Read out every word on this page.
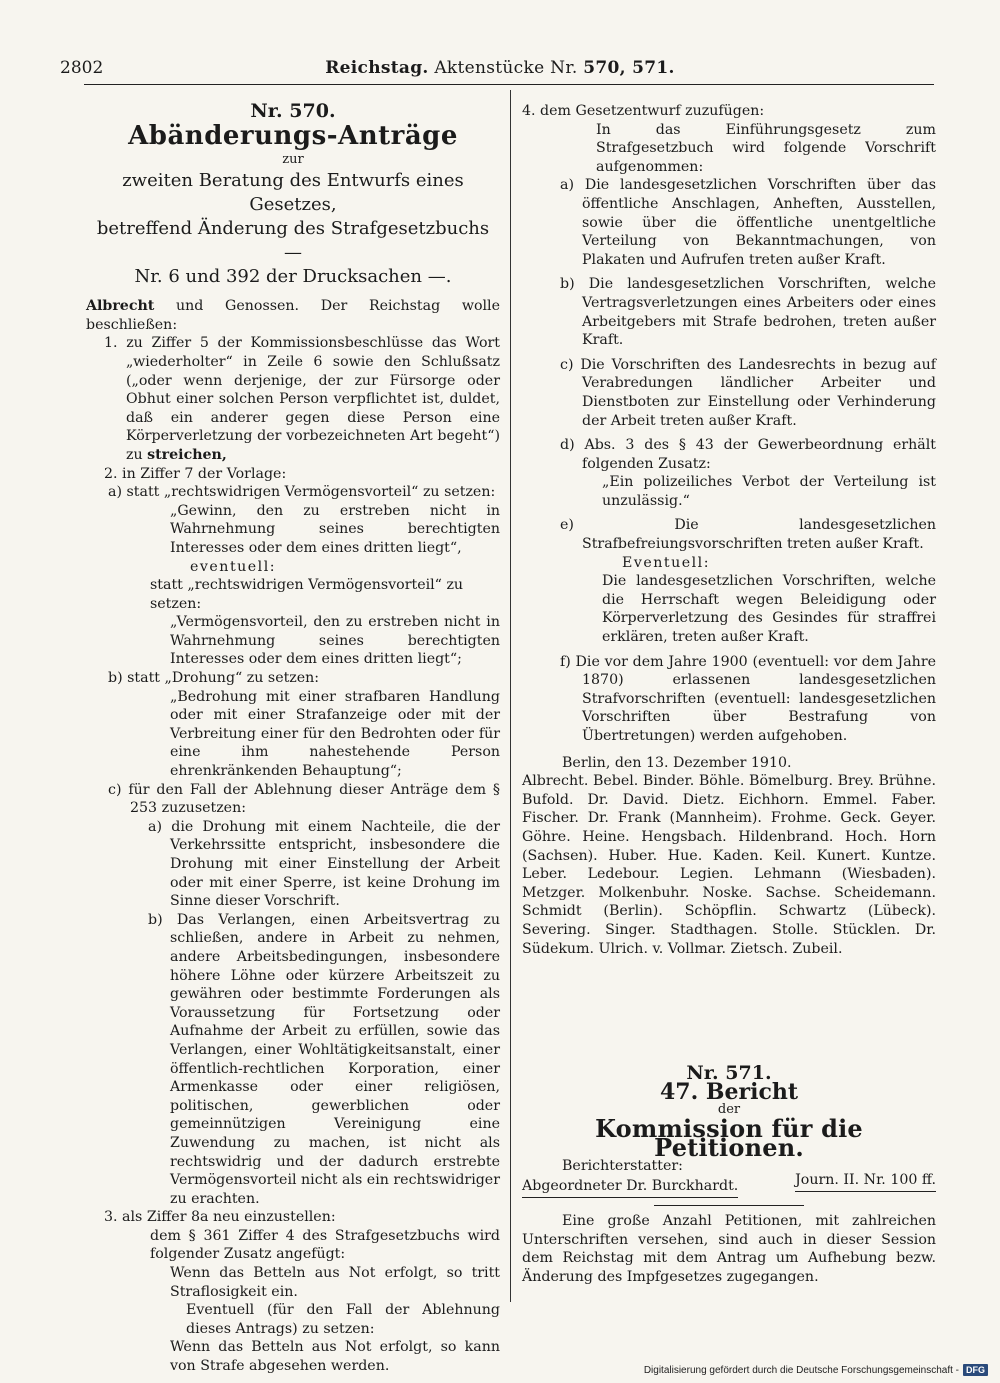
2802	Reichstag. Aktenstücke Nr. 570, 571.

Nr. 570.

Abänderungs-Anträge

zur

zweiten Beratung des Entwurfs eines Gesetzes,

betreffend Änderung des Strafgesetzbuchs —

Nr. 6 und 392 der Drucksachen —.

Albrecht und Genossen. Der Reichstag wolle beschließen:

1. zu Ziffer 5 der Kommissionsbeschlüsse das Wort „wiederholter“ in Zeile 6 sowie den Schlußsatz („oder wenn derjenige, der zur Fürsorge oder Obhut einer solchen Person verpflichtet ist, duldet, daß ein anderer gegen diese Person eine Körperverletzung der vorbezeichneten Art begeht“) zu streichen,

2. in Ziffer 7 der Vorlage:

a) statt „rechtswidrigen Vermögensvorteil“ zu setzen:

„Gewinn, den zu erstreben nicht in Wahrnehmung seines berechtigten Interesses oder dem eines dritten liegt“,

eventuell:

statt „rechtswidrigen Vermögensvorteil“ zu setzen:

„Vermögensvorteil, den zu erstreben nicht in Wahrnehmung seines berechtigten Interesses oder dem eines dritten liegt“;

b) statt „Drohung“ zu setzen:

„Bedrohung mit einer strafbaren Handlung oder mit einer Strafanzeige oder mit der Verbreitung einer für den Bedrohten oder für eine ihm nahestehende Person ehrenkränkenden Behauptung“;

c) für den Fall der Ablehnung dieser Anträge dem § 253 zuzusetzen:

a) die Drohung mit einem Nachteile, die der Verkehrssitte entspricht, insbesondere die Drohung mit einer Einstellung der Arbeit oder mit einer Sperre, ist keine Drohung im Sinne dieser Vorschrift.

b) Das Verlangen, einen Arbeitsvertrag zu schließen, andere in Arbeit zu nehmen, andere Arbeitsbedingungen, insbesondere höhere Löhne oder kürzere Arbeitszeit zu gewähren oder bestimmte Forderungen als Voraussetzung für Fortsetzung oder Aufnahme der Arbeit zu erfüllen, sowie das Verlangen, einer Wohltätigkeitsanstalt, einer öffentlich-rechtlichen Korporation, einer Armenkasse oder einer religiösen, politischen, gewerblichen oder gemeinnützigen Vereinigung eine Zuwendung zu machen, ist nicht als rechtswidrig und der dadurch erstrebte Vermögensvorteil nicht als ein rechtswidriger zu erachten.

3. als Ziffer 8a neu einzustellen:

dem § 361 Ziffer 4 des Strafgesetzbuchs wird folgender Zusatz angefügt:

Wenn das Betteln aus Not erfolgt, so tritt Straflosigkeit ein.

Eventuell (für den Fall der Ablehnung dieses Antrags) zu setzen:

Wenn das Betteln aus Not erfolgt, so kann von Strafe abgesehen werden.

4. dem Gesetzentwurf zuzufügen:

In das Einführungsgesetz zum Strafgesetzbuch wird folgende Vorschrift aufgenommen:

a) Die landesgesetzlichen Vorschriften über das öffentliche Anschlagen, Anheften, Ausstellen, sowie über die öffentliche unentgeltliche Verteilung von Bekanntmachungen, von Plakaten und Aufrufen treten außer Kraft.

b) Die landesgesetzlichen Vorschriften, welche Vertragsverletzungen eines Arbeiters oder eines Arbeitgebers mit Strafe bedrohen, treten außer Kraft.

c) Die Vorschriften des Landesrechts in bezug auf Verabredungen ländlicher Arbeiter und Dienstboten zur Einstellung oder Verhinderung der Arbeit treten außer Kraft.

d) Abs. 3 des § 43 der Gewerbeordnung erhält folgenden Zusatz:

„Ein polizeiliches Verbot der Verteilung ist unzulässig.“

e) Die landesgesetzlichen Strafbefreiungsvorschriften treten außer Kraft.

Eventuell:

Die landesgesetzlichen Vorschriften, welche die Herrschaft wegen Beleidigung oder Körperverletzung des Gesindes für straffrei erklären, treten außer Kraft.

f) Die vor dem Jahre 1900 (eventuell: vor dem Jahre 1870) erlassenen landesgesetzlichen Strafvorschriften (eventuell: landesgesetzlichen Vorschriften über Bestrafung von Übertretungen) werden aufgehoben.

Berlin, den 13. Dezember 1910.

Albrecht. Bebel. Binder. Böhle. Bömelburg. Brey. Brühne. Bufold. Dr. David. Dietz. Eichhorn. Emmel. Faber. Fischer. Dr. Frank (Mannheim). Frohme. Geck. Geyer. Göhre. Heine. Hengsbach. Hildenbrand. Hoch. Horn (Sachsen). Huber. Hue. Kaden. Keil. Kunert. Kuntze. Leber. Ledebour. Legien. Lehmann (Wiesbaden). Metzger. Molkenbuhr. Noske. Sachse. Scheidemann. Schmidt (Berlin). Schöpflin. Schwartz (Lübeck). Severing. Singer. Stadthagen. Stolle. Stücklen. Dr. Südekum. Ulrich. v. Vollmar. Zietsch. Zubeil.

Nr. 571.

47. Bericht

der

Kommission für die Petitionen.

Berichterstatter:
Abgeordneter Dr. Burckhardt.	Journ. II. Nr. 100 ff.

Eine große Anzahl Petitionen, mit zahlreichen Unterschriften versehen, sind auch in dieser Session dem Reichstag mit dem Antrag um Aufhebung bezw. Änderung des Impfgesetzes zugegangen.

Digitalisierung gefördert durch die Deutsche Forschungsgemeinschaft - DFG
